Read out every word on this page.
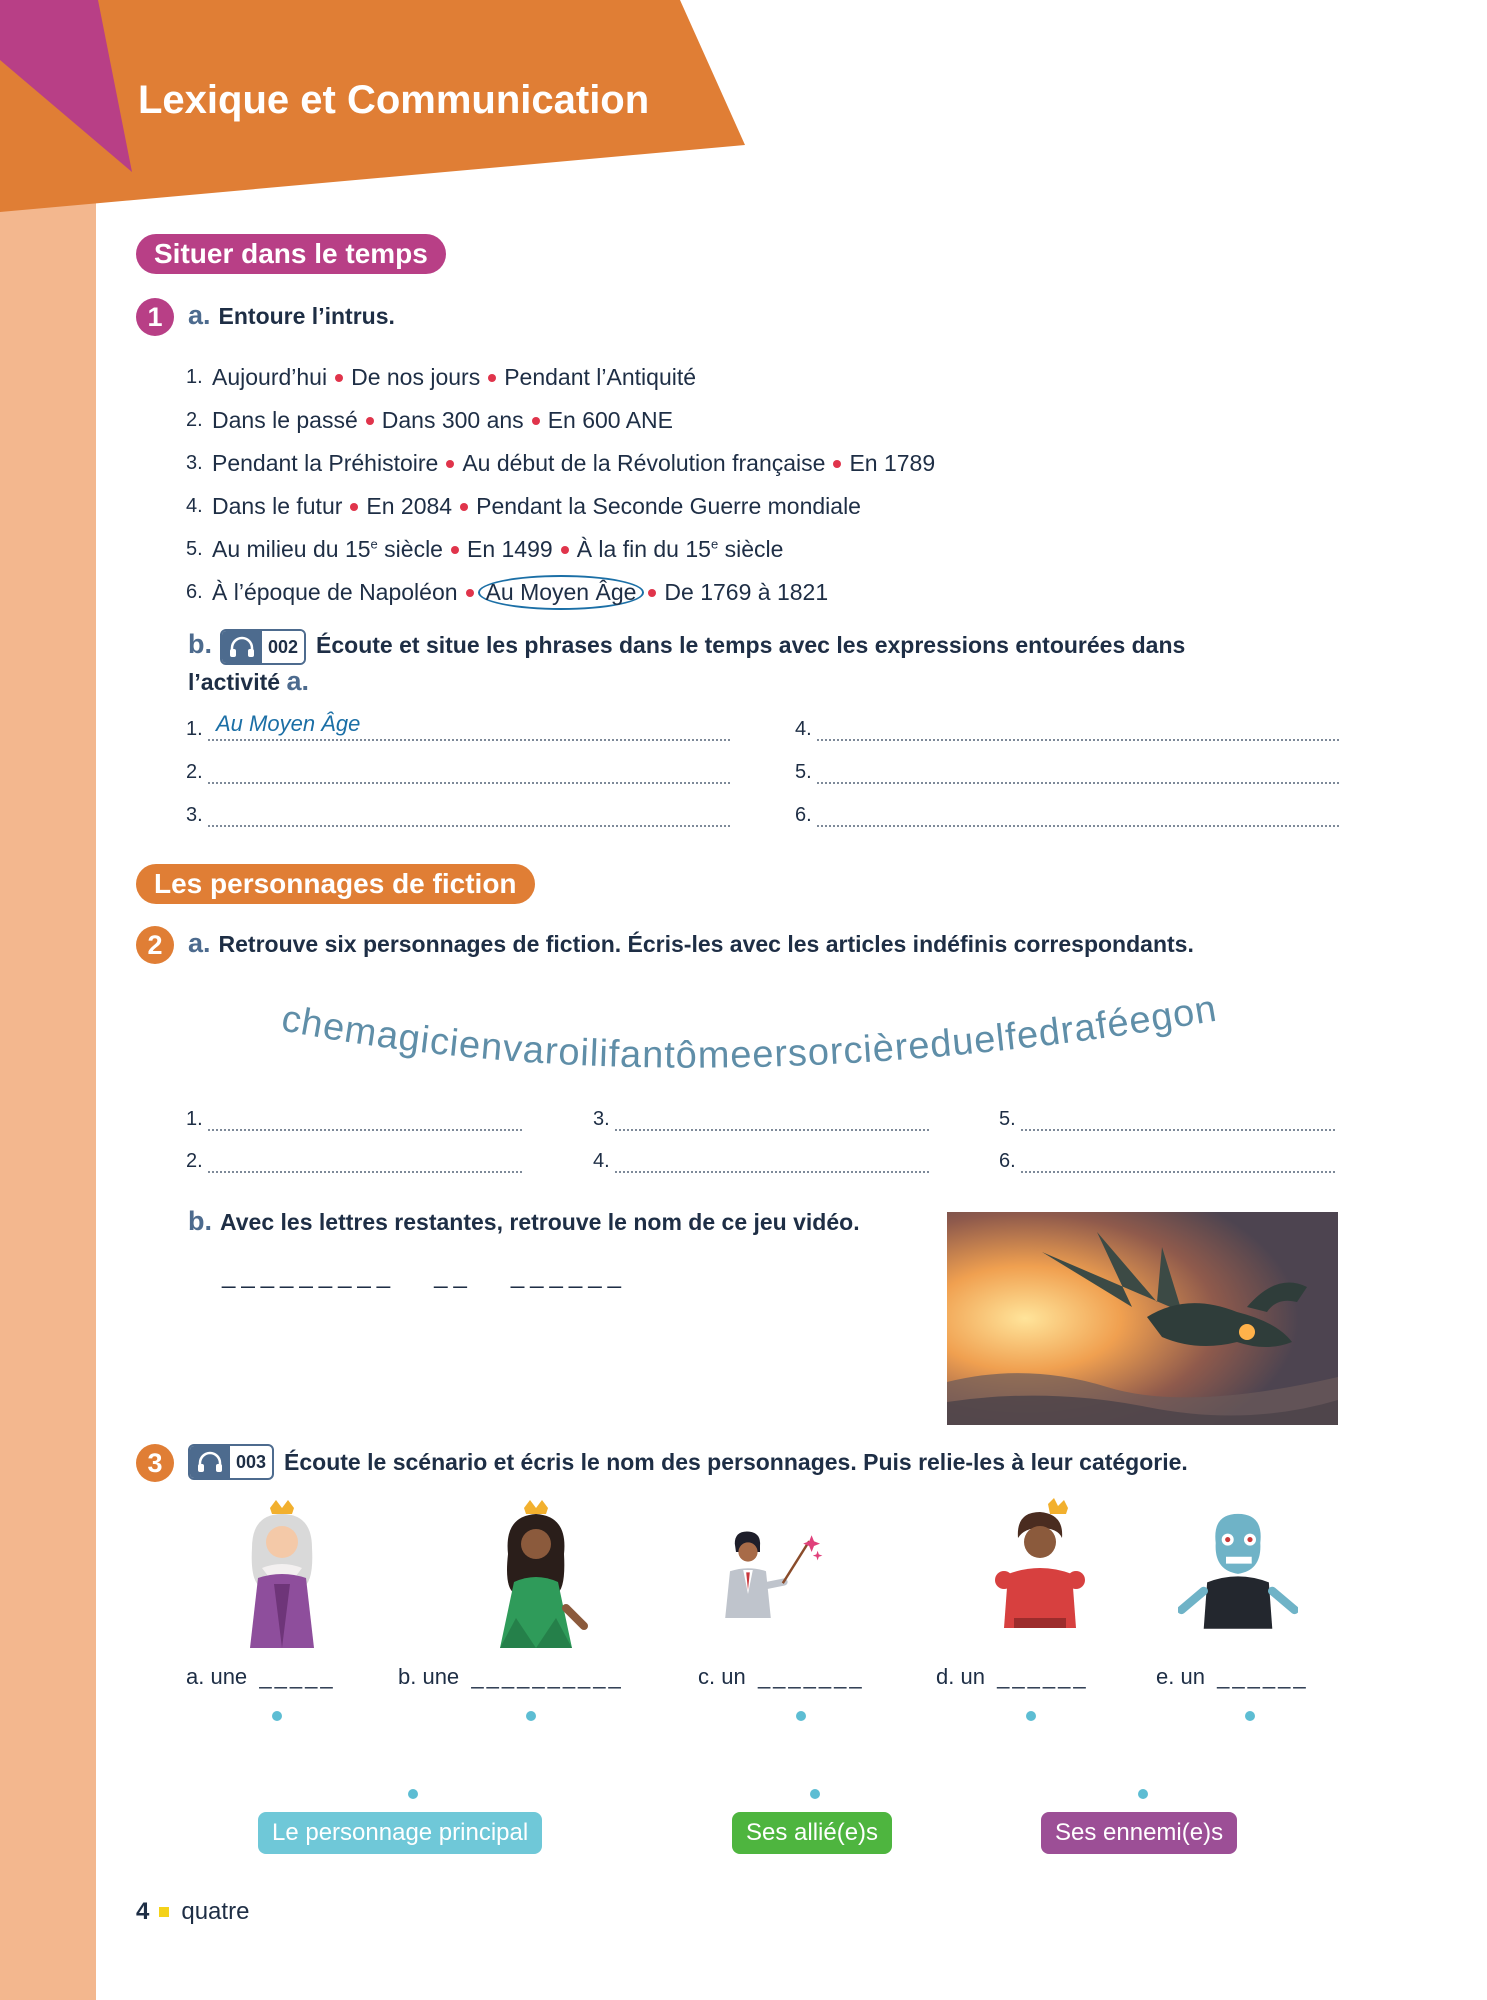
Lexique et Communication
Situer dans le temps
1 a. Entoure l’intrus.
1. Aujourd’hui De nos jours Pendant l’Antiquité
2. Dans le passé Dans 300 ans En 600 ANE
3. Pendant la Préhistoire Au début de la Révolution française En 1789
4. Dans le futur En 2084 Pendant la Seconde Guerre mondiale
5. Au milieu du 15e siècle En 1499 À la fin du 15e siècle
6. À l’époque de Napoléon	Au Moyen Âge	De 1769 à 1821
b.	002 Écoute et situe les phrases dans le temps avec les expressions entourées dans
l’activité a.
1. Au Moyen Âge
2.
3.
4.
5.
6.
Les personnages de fiction
2 a. Retrouve six personnages de fiction. Écris-les avec les articles indéfinis correspondants.
chemagicienvaroilifantômeersorcièreduelfedraféegon
1.
2.
3.
4.
5.
6.
b. Avec les lettres restantes, retrouve le nom de ce jeu vidéo.
_________   __   ______
3	003 Écoute le scénario et écris le nom des personnages. Puis relie-les à leur catégorie.
a. une _____	b. une __________	c. un _______	d. un ______	e. un ______
Le personnage principal	Ses allié(e)s	Ses ennemi(e)s
4 quatre
